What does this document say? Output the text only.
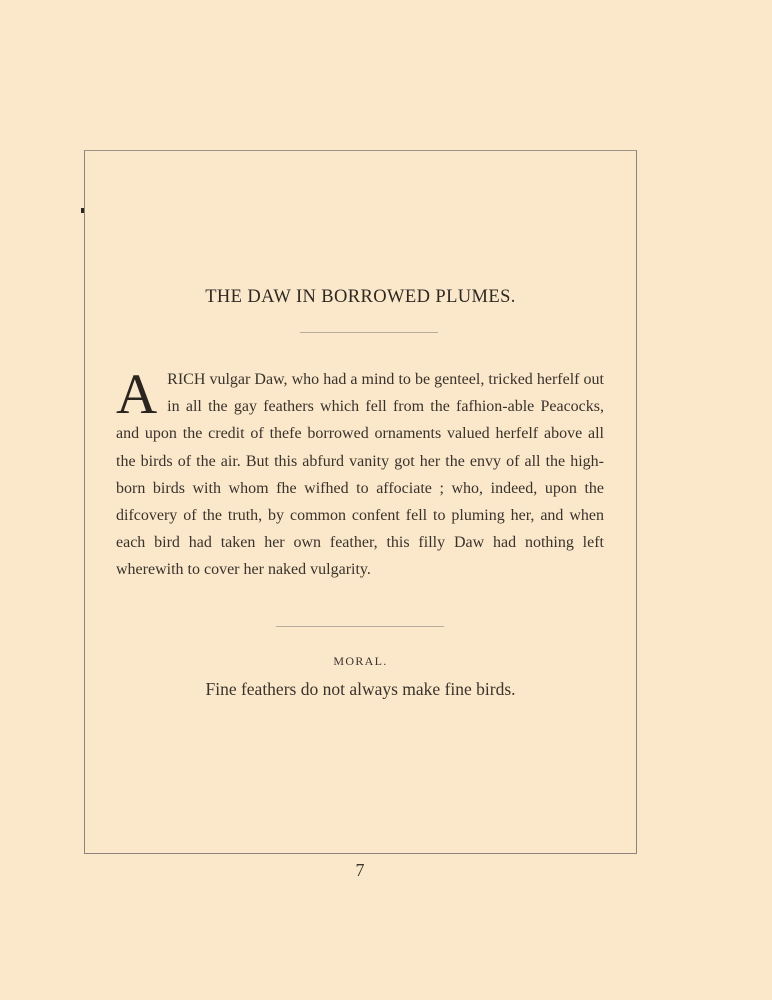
THE DAW IN BORROWED PLUMES.
ARICH vulgar Daw, who had a mind to be genteel, tricked herfelf out in all the gay feathers which fell from the fafhion-able Peacocks, and upon the credit of thefe borrowed ornaments valued herfelf above all the birds of the air. But this abfurd vanity got her the envy of all the high-born birds with whom fhe wifhed to affociate ; who, indeed, upon the difcovery of the truth, by common confent fell to pluming her, and when each bird had taken her own feather, this filly Daw had nothing left wherewith to cover her naked vulgarity.
MORAL.
Fine feathers do not always make fine birds.
7
